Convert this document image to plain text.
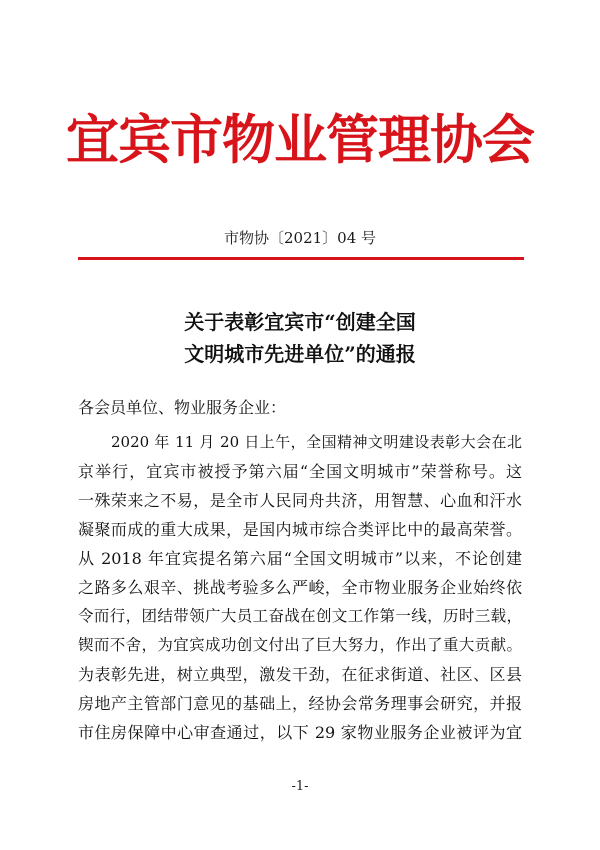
宜宾市物业管理协会
市物协〔2021〕04 号
关于表彰宜宾市“创建全国
文明城市先进单位”的通报
各会员单位、物业服务企业：
2020 年 11 月 20 日上午，全国精神文明建设表彰大会在北
京举行，宜宾市被授予第六届“全国文明城市”荣誉称号。这
一殊荣来之不易，是全市人民同舟共济，用智慧、心血和汗水
凝聚而成的重大成果，是国内城市综合类评比中的最高荣誉。
从 2018 年宜宾提名第六届“全国文明城市”以来，不论创建
之路多么艰辛、挑战考验多么严峻，全市物业服务企业始终依
令而行，团结带领广大员工奋战在创文工作第一线，历时三载，
锲而不舍，为宜宾成功创文付出了巨大努力，作出了重大贡献。
为表彰先进，树立典型，激发干劲，在征求街道、社区、区县
房地产主管部门意见的基础上，经协会常务理事会研究，并报
市住房保障中心审查通过，以下 29 家物业服务企业被评为宜
-1-
